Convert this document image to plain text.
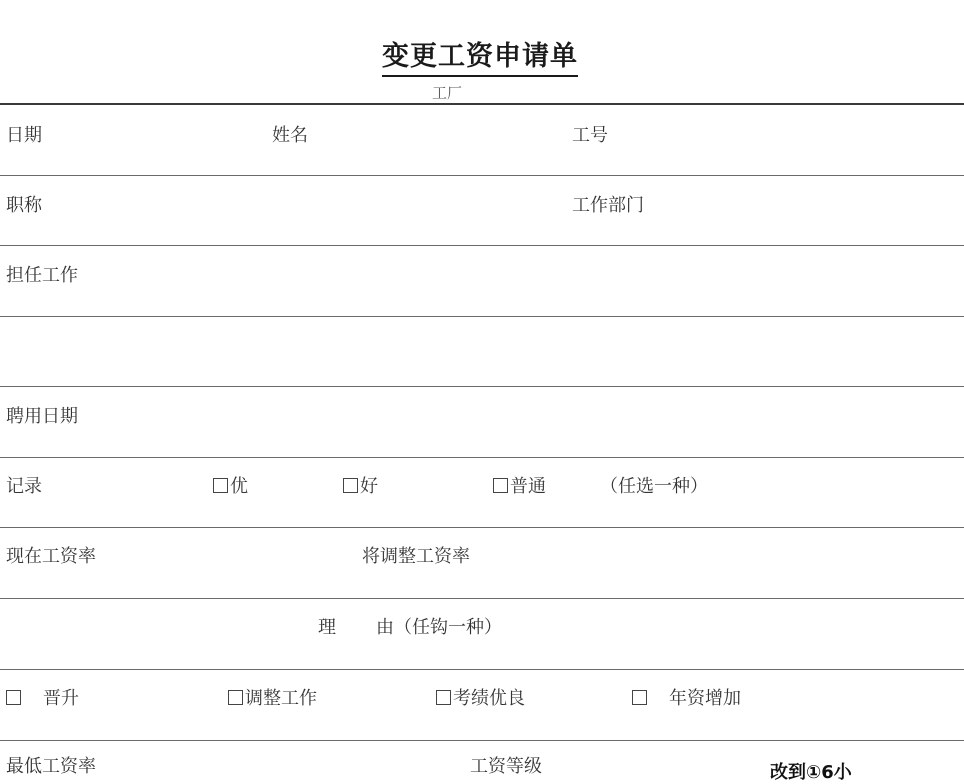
变更工资申请单
工厂
日期	姓名	工号
职称	工作部门
担任工作
聘用日期
记录	优	好	普通	（任选一种）
现在工资率	将调整工资率
理 由（任钩一种）
晋升	调整工作	考绩优良	年资增加
最低工资率	工资等级	改到①6小
